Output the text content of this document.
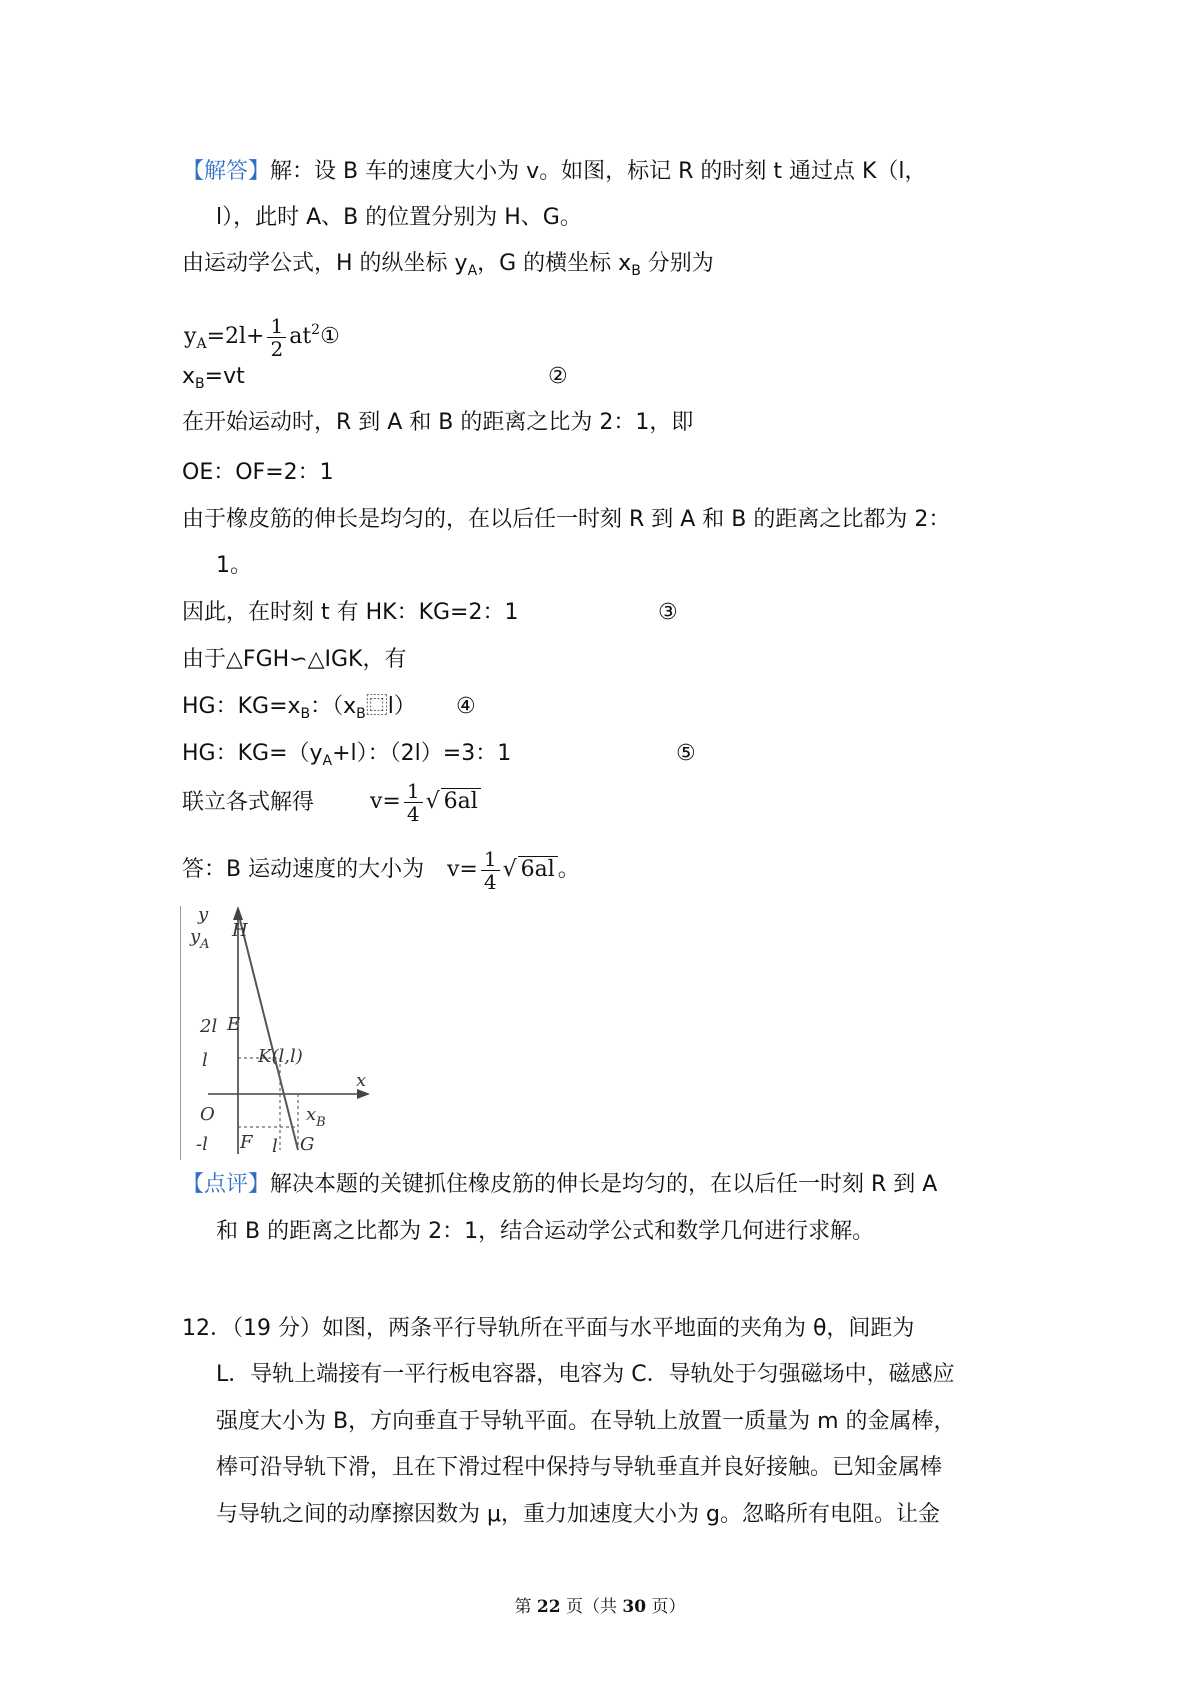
【解答】解：设 B 车的速度大小为 v。如图，标记 R 的时刻 t 通过点 K（l，
l），此时 A、B 的位置分别为 H、G。
由运动学公式，H 的纵坐标 $y_A$，G 的横坐标 $x_B$ 分别为
$y_A=2l+ \frac{1}{2}$ $at^2①$
$x_B=vt$	②
在开始运动时，R 到 A 和 B 的距离之比为 2：1，即
OE：OF=2：1
由于橡皮筋的伸长是均匀的，在以后任一时刻 R 到 A 和 B 的距离之比都为 2：
1。
因此，在时刻 t 有 HK：KG=2：1	③
由于△FGH∽△IGK，有
HG：$KG=x_B$：（$x_B$⿴l） ④
HG：$KG=(y_A+l)$：（2l）=3：1	⑤
联立各式解得	$v= \frac{1}{4}$ √ 6al
答：B 运动速度的大小为 $v= \frac{1}{4}$ √ 6al 。
y
$y_A$
H
2l E
l	K(l,l)
x
O	$x_B$
-l F l G
【点评】解决本题的关键抓住橡皮筋的伸长是均匀的，在以后任一时刻 R 到 A
和 B 的距离之比都为 2：1，结合运动学公式和数学几何进行求解。
12．（19 分）如图，两条平行导轨所在平面与水平地面的夹角为 θ，间距为
L．导轨上端接有一平行板电容器，电容为 C．导轨处于匀强磁场中，磁感应
强度大小为 B，方向垂直于导轨平面。在导轨上放置一质量为 m 的金属棒，
棒可沿导轨下滑，且在下滑过程中保持与导轨垂直并良好接触。已知金属棒
与导轨之间的动摩擦因数为 μ，重力加速度大小为 g。忽略所有电阻。让金
第 22 页（共 30 页）
